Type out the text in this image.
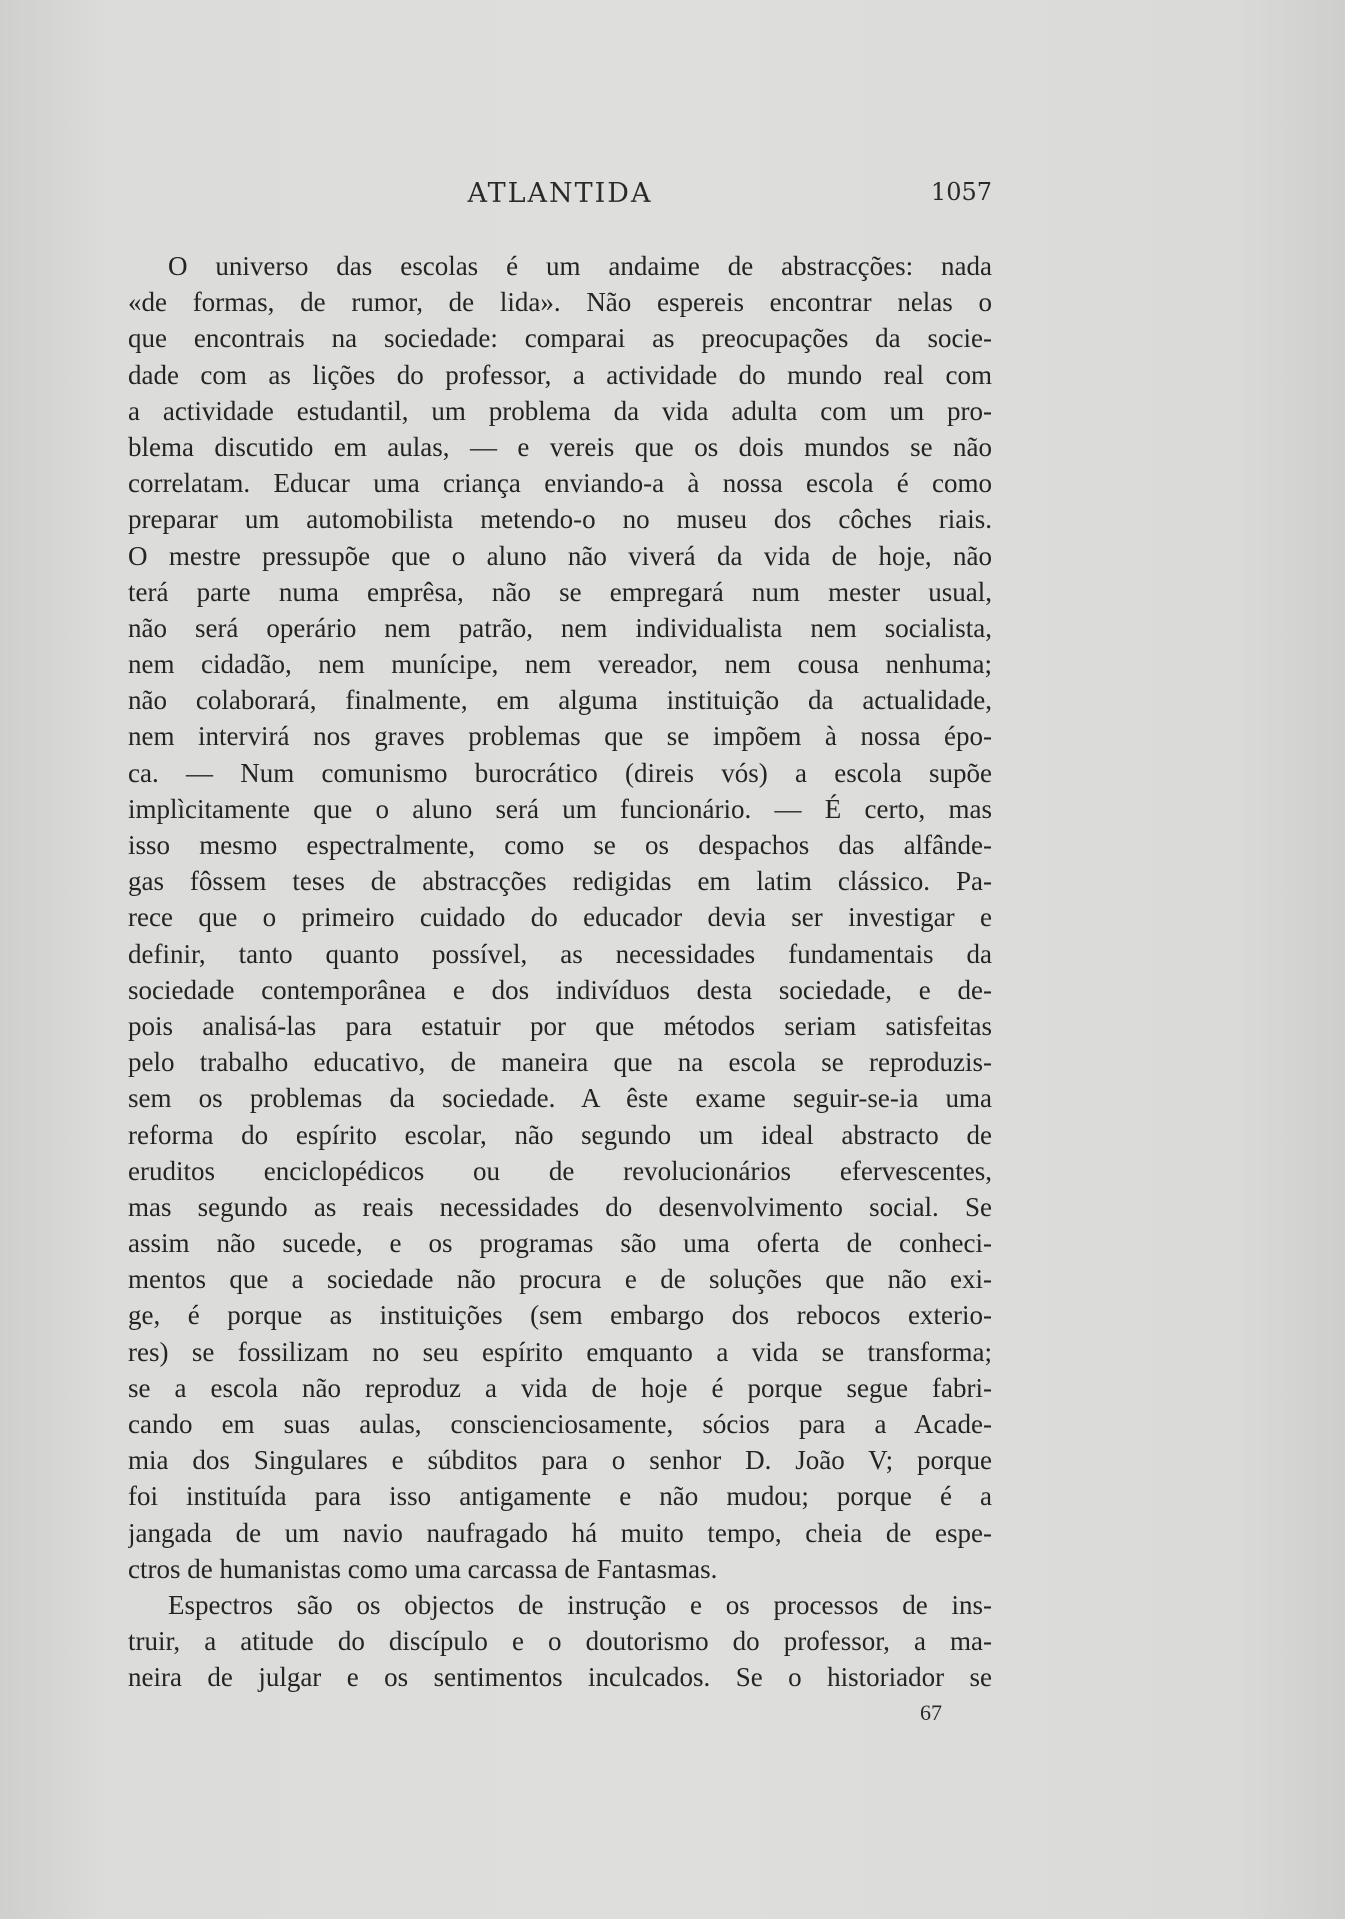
ATLANTIDA	1057
O universo das escolas é um andaime de abstracções: nada
«de formas, de rumor, de lida». Não espereis encontrar nelas o
que encontrais na sociedade: comparai as preocupações da socie-
dade com as lições do professor, a actividade do mundo real com
a actividade estudantil, um problema da vida adulta com um pro-
blema discutido em aulas, — e vereis que os dois mundos se não
correlatam. Educar uma criança enviando-a à nossa escola é como
preparar um automobilista metendo-o no museu dos côches riais.
O mestre pressupõe que o aluno não viverá da vida de hoje, não
terá parte numa emprêsa, não se empregará num mester usual,
não será operário nem patrão, nem individualista nem socialista,
nem cidadão, nem munícipe, nem vereador, nem cousa nenhuma;
não colaborará, finalmente, em alguma instituição da actualidade,
nem intervirá nos graves problemas que se impõem à nossa épo-
ca. — Num comunismo burocrático (direis vós) a escola supõe
implìcitamente que o aluno será um funcionário. — É certo, mas
isso mesmo espectralmente, como se os despachos das alfânde-
gas fôssem teses de abstracções redigidas em latim clássico. Pa-
rece que o primeiro cuidado do educador devia ser investigar e
definir, tanto quanto possível, as necessidades fundamentais da
sociedade contemporânea e dos indivíduos desta sociedade, e de-
pois analisá-las para estatuir por que métodos seriam satisfeitas
pelo trabalho educativo, de maneira que na escola se reproduzis-
sem os problemas da sociedade. A êste exame seguir-se-ia uma
reforma do espírito escolar, não segundo um ideal abstracto de
eruditos enciclopédicos ou de revolucionários efervescentes,
mas segundo as reais necessidades do desenvolvimento social. Se
assim não sucede, e os programas são uma oferta de conheci-
mentos que a sociedade não procura e de soluções que não exi-
ge, é porque as instituições (sem embargo dos rebocos exterio-
res) se fossilizam no seu espírito emquanto a vida se transforma;
se a escola não reproduz a vida de hoje é porque segue fabri-
cando em suas aulas, conscienciosamente, sócios para a Acade-
mia dos Singulares e súbditos para o senhor D. João V; porque
foi instituída para isso antigamente e não mudou; porque é a
jangada de um navio naufragado há muito tempo, cheia de espe-
ctros de humanistas como uma carcassa de Fantasmas.
Espectros são os objectos de instrução e os processos de ins-
truir, a atitude do discípulo e o doutorismo do professor, a ma-
neira de julgar e os sentimentos inculcados. Se o historiador se
67
